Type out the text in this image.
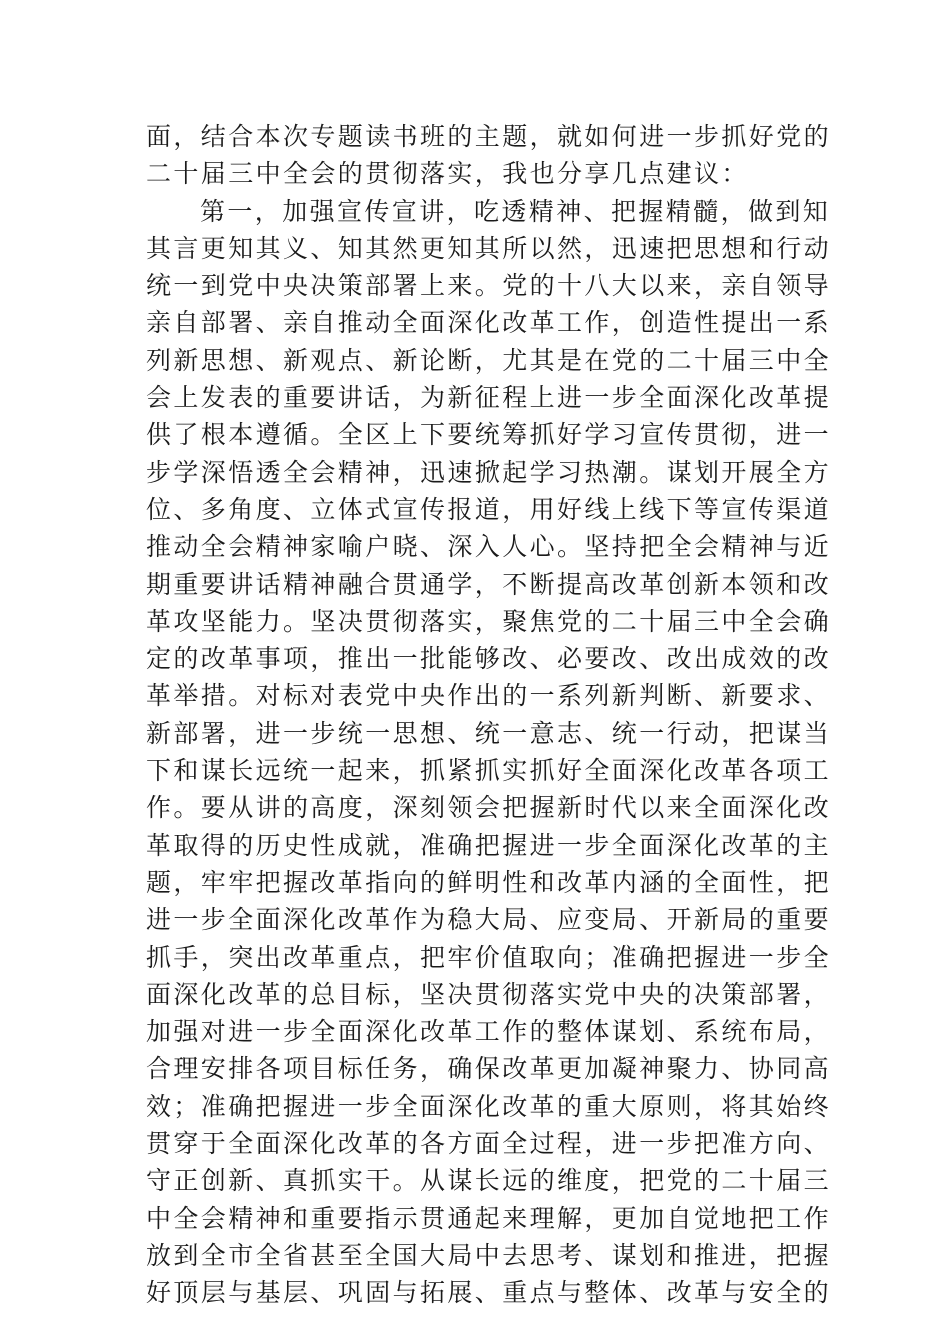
面，结合本次专题读书班的主题，就如何进一步抓好党的
二十届三中全会的贯彻落实，我也分享几点建议：
第一，加强宣传宣讲，吃透精神、把握精髓，做到知
其言更知其义、知其然更知其所以然，迅速把思想和行动
统一到党中央决策部署上来。党的十八大以来，亲自领导
亲自部署、亲自推动全面深化改革工作，创造性提出一系
列新思想、新观点、新论断，尤其是在党的二十届三中全
会上发表的重要讲话，为新征程上进一步全面深化改革提
供了根本遵循。全区上下要统筹抓好学习宣传贯彻，进一
步学深悟透全会精神，迅速掀起学习热潮。谋划开展全方
位、多角度、立体式宣传报道，用好线上线下等宣传渠道
推动全会精神家喻户晓、深入人心。坚持把全会精神与近
期重要讲话精神融合贯通学，不断提高改革创新本领和改
革攻坚能力。坚决贯彻落实，聚焦党的二十届三中全会确
定的改革事项，推出一批能够改、必要改、改出成效的改
革举措。对标对表党中央作出的一系列新判断、新要求、
新部署，进一步统一思想、统一意志、统一行动，把谋当
下和谋长远统一起来，抓紧抓实抓好全面深化改革各项工
作。要从讲的高度，深刻领会把握新时代以来全面深化改
革取得的历史性成就，准确把握进一步全面深化改革的主
题，牢牢把握改革指向的鲜明性和改革内涵的全面性，把
进一步全面深化改革作为稳大局、应变局、开新局的重要
抓手，突出改革重点，把牢价值取向；准确把握进一步全
面深化改革的总目标，坚决贯彻落实党中央的决策部署，
加强对进一步全面深化改革工作的整体谋划、系统布局，
合理安排各项目标任务，确保改革更加凝神聚力、协同高
效；准确把握进一步全面深化改革的重大原则，将其始终
贯穿于全面深化改革的各方面全过程，进一步把准方向、
守正创新、真抓实干。从谋长远的维度，把党的二十届三
中全会精神和重要指示贯通起来理解，更加自觉地把工作
放到全市全省甚至全国大局中去思考、谋划和推进，把握
好顶层与基层、巩固与拓展、重点与整体、改革与安全的
